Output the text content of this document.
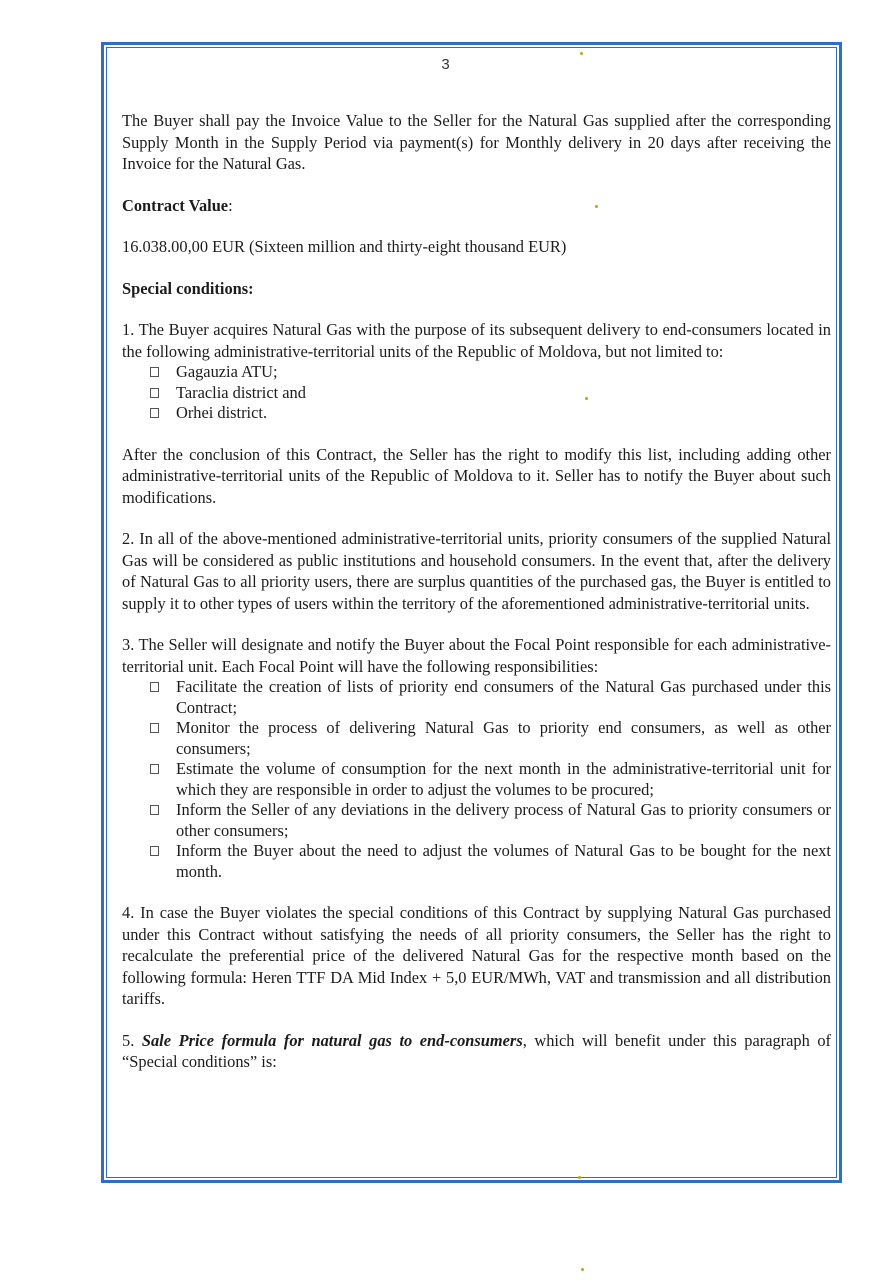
3

The Buyer shall pay the Invoice Value to the Seller for the Natural Gas supplied after the corresponding Supply Month in the Supply Period via payment(s) for Monthly delivery in 20 days after receiving the Invoice for the Natural Gas.

Contract Value:

16.038.00,00 EUR (Sixteen million and thirty-eight thousand EUR)

Special conditions:

1. The Buyer acquires Natural Gas with the purpose of its subsequent delivery to end-consumers located in the following administrative-territorial units of the Republic of Moldova, but not limited to:

Gagauzia ATU;
Taraclia district and
Orhei district.

After the conclusion of this Contract, the Seller has the right to modify this list, including adding other administrative-territorial units of the Republic of Moldova to it. Seller has to notify the Buyer about such modifications.

2. In all of the above-mentioned administrative-territorial units, priority consumers of the supplied Natural Gas will be considered as public institutions and household consumers. In the event that, after the delivery of Natural Gas to all priority users, there are surplus quantities of the purchased gas, the Buyer is entitled to supply it to other types of users within the territory of the aforementioned administrative-territorial units.

3. The Seller will designate and notify the Buyer about the Focal Point responsible for each administrative-territorial unit. Each Focal Point will have the following responsibilities:

Facilitate the creation of lists of priority end consumers of the Natural Gas purchased under this Contract;
Monitor the process of delivering Natural Gas to priority end consumers, as well as other consumers;
Estimate the volume of consumption for the next month in the administrative-territorial unit for which they are responsible in order to adjust the volumes to be procured;
Inform the Seller of any deviations in the delivery process of Natural Gas to priority consumers or other consumers;
Inform the Buyer about the need to adjust the volumes of Natural Gas to be bought for the next month.

4. In case the Buyer violates the special conditions of this Contract by supplying Natural Gas purchased under this Contract without satisfying the needs of all priority consumers, the Seller has the right to recalculate the preferential price of the delivered Natural Gas for the respective month based on the following formula: Heren TTF DA Mid Index + 5,0 EUR/MWh, VAT and transmission and all distribution tariffs.

5. Sale Price formula for natural gas to end-consumers, which will benefit under this paragraph of “Special conditions” is:
